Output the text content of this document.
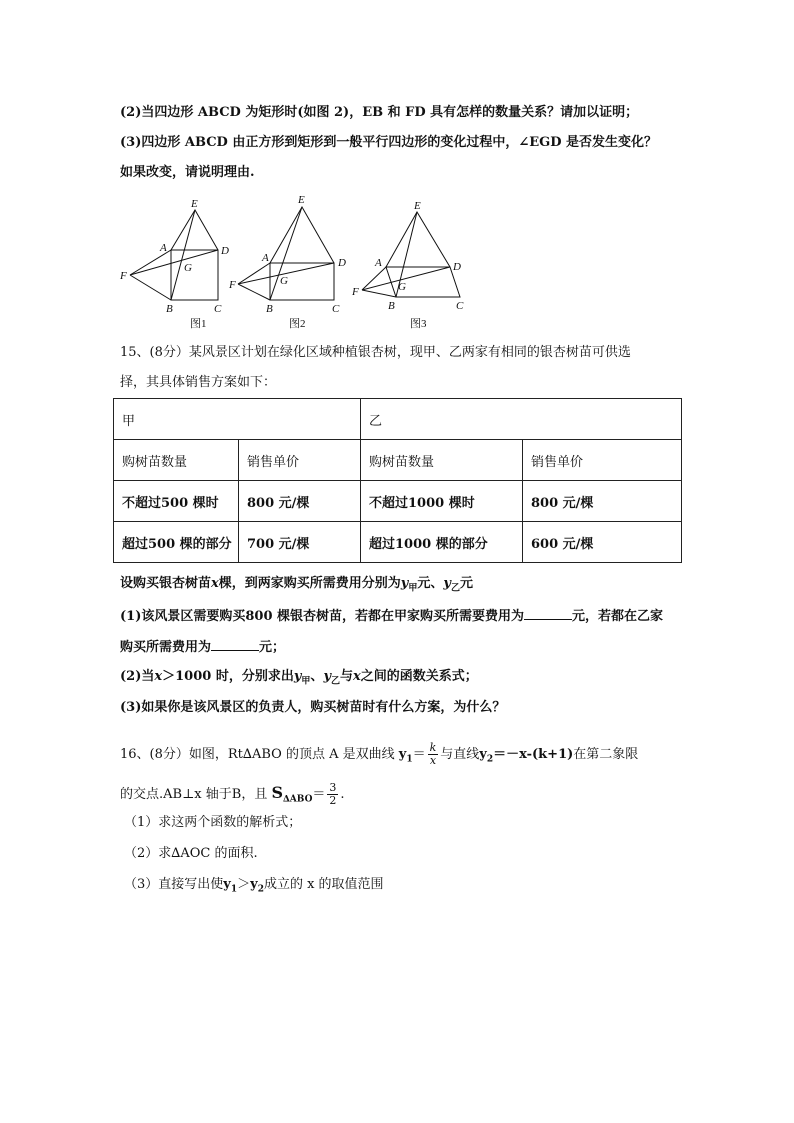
(2)当四边形 ABCD 为矩形时(如图 2)，EB 和 FD 具有怎样的数量关系？请加以证明；
(3)四边形 ABCD 由正方形到矩形到一般平行四边形的变化过程中，∠EGD 是否发生变化？
如果改变，请说明理由.
E
A	D
F
G
B	C
E
A	D
F	G
B	C
E
A	D
F	G
B	C
图1	图2	图3
15、(8分）某风景区计划在绿化区域种植银杏树，现甲、乙两家有相同的银杏树苗可供选
择，其具体销售方案如下：
甲		乙	
购树苗数量	销售单价	购树苗数量	销售单价
不超过500 棵时	800 元/棵	不超过1000 棵时	800 元/棵
超过500 棵的部分	700 元/棵	超过1000 棵的部分	600 元/棵
设购买银杏树苗x棵，到两家购买所需费用分别为$y_甲$元、$y_乙$元
(1)该风景区需要购买800 棵银杏树苗，若都在甲家购买所需要费用为	元，若都在乙家
购买所需费用为	元；
(2)当x＞1000 时，分别求出$y_甲$、$y_乙$与x之间的函数关系式；
(3)如果你是该风景区的负责人，购买树苗时有什么方案，为什么？
16、(8分）如图，Rt∆ABO 的顶点 A 是双曲线 $y_1= \frac{k}{x}$ 与直线$y_2=-x-(k+1)$在第二象限
的交点.AB⊥x 轴于B，且 $S_{\Delta ABO}= \frac{3}{2}$ .
（1）求这两个函数的解析式；
（2）求∆AOC 的面积.
（3）直接写出使$y_1>y_2$成立的 x 的取值范围
